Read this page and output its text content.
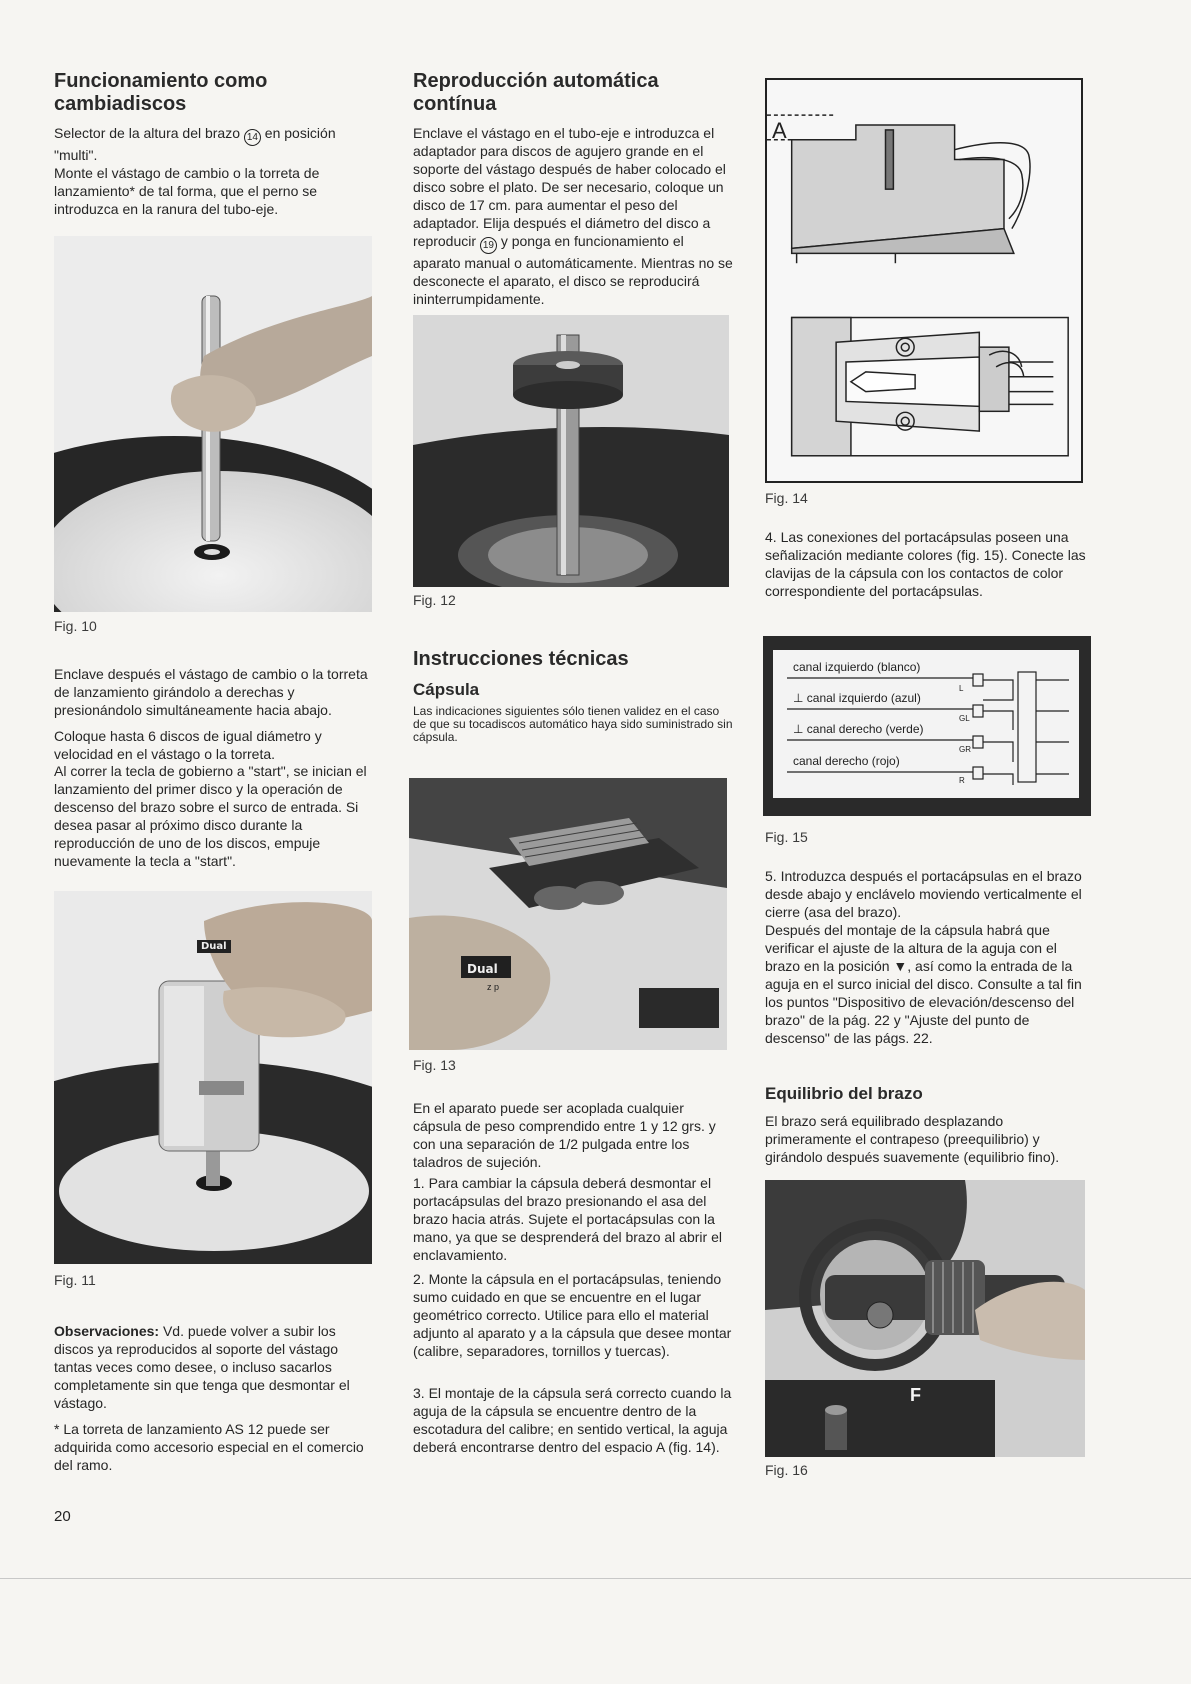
Funcionamiento como cambiadiscos

Selector de la altura del brazo 14 en posición "multi".
Monte el vástago de cambio o la torreta de lanzamiento* de tal forma, que el perno se introduzca en la ranura del tubo-eje.

Fig. 10

Enclave después el vástago de cambio o la torreta de lanzamiento girándolo a derechas y presionándolo simultáneamente hacia abajo.

Coloque hasta 6 discos de igual diámetro y velocidad en el vástago o la torreta.

Al correr la tecla de gobierno a "start", se inician el lanzamiento del primer disco y la operación de descenso del brazo sobre el surco de entrada. Si desea pasar al próximo disco durante la reproducción de uno de los discos, empuje nuevamente la tecla a "start".

Dual
Fig. 11

Observaciones: Vd. puede volver a subir los discos ya reproducidos al soporte del vástago tantas veces como desee, o incluso sacarlos completamente sin que tenga que desmontar el vástago.

* La torreta de lanzamiento AS 12 puede ser adquirida como accesorio especial en el comercio del ramo.

20
Reproducción automática contínua

Enclave el vástago en el tubo-eje e introduzca el adaptador para discos de agujero grande en el soporte del vástago después de haber colocado el disco sobre el plato. De ser necesario, coloque un disco de 17 cm. para aumentar el peso del adaptador. Elija después el diámetro del disco a reproducir 19 y ponga en funcionamiento el aparato manual o automáticamente. Mientras no se desconecte el aparato, el disco se reproducirá ininterrumpidamente.

Fig. 12
Instrucciones técnicas
Cápsula

Las indicaciones siguientes sólo tienen validez en el caso de que su tocadiscos automático haya sido suministrado sin cápsula.

Dual
z p
Fig. 13

En el aparato puede ser acoplada cualquier cápsula de peso comprendido entre 1 y 12 grs. y con una separación de 1/2 pulgada entre los taladros de sujeción.

1. Para cambiar la cápsula deberá desmontar el portacápsulas del brazo presionando el asa del brazo hacia atrás. Sujete el portacápsulas con la mano, ya que se desprenderá del brazo al abrir el enclavamiento.

2. Monte la cápsula en el portacápsulas, teniendo sumo cuidado en que se encuentre en el lugar geométrico correcto. Utilice para ello el material adjunto al aparato y a la cápsula que desee montar (calibre, separadores, tornillos y tuercas).

3. El montaje de la cápsula será correcto cuando la aguja de la cápsula se encuentre dentro de la escotadura del calibre; en sentido vertical, la aguja deberá encontrarse dentro del espacio A (fig. 14).

A
Fig. 14

4. Las conexiones del portacápsulas poseen una señalización mediante colores (fig. 15). Conecte las clavijas de la cápsula con los contactos de color correspondiente del portacápsulas.

canal izquierdo (blanco)
⊥ canal izquierdo (azul)
⊥ canal derecho (verde)
canal derecho (rojo)
L
GL
GR
R
Fig. 15

5. Introduzca después el portacápsulas en el brazo desde abajo y enclávelo moviendo verticalmente el cierre (asa del brazo).

Después del montaje de la cápsula habrá que verificar el ajuste de la altura de la aguja con el brazo en la posición ▼, así como la entrada de la aguja en el surco inicial del disco. Consulte a tal fin los puntos "Dispositivo de elevación/descenso del brazo" de la pág. 22 y "Ajuste del punto de descenso" de las págs. 22.

Equilibrio del brazo

El brazo será equilibrado desplazando primeramente el contrapeso (preequilibrio) y girándolo después suavemente (equilibrio fino).

F
Fig. 16
